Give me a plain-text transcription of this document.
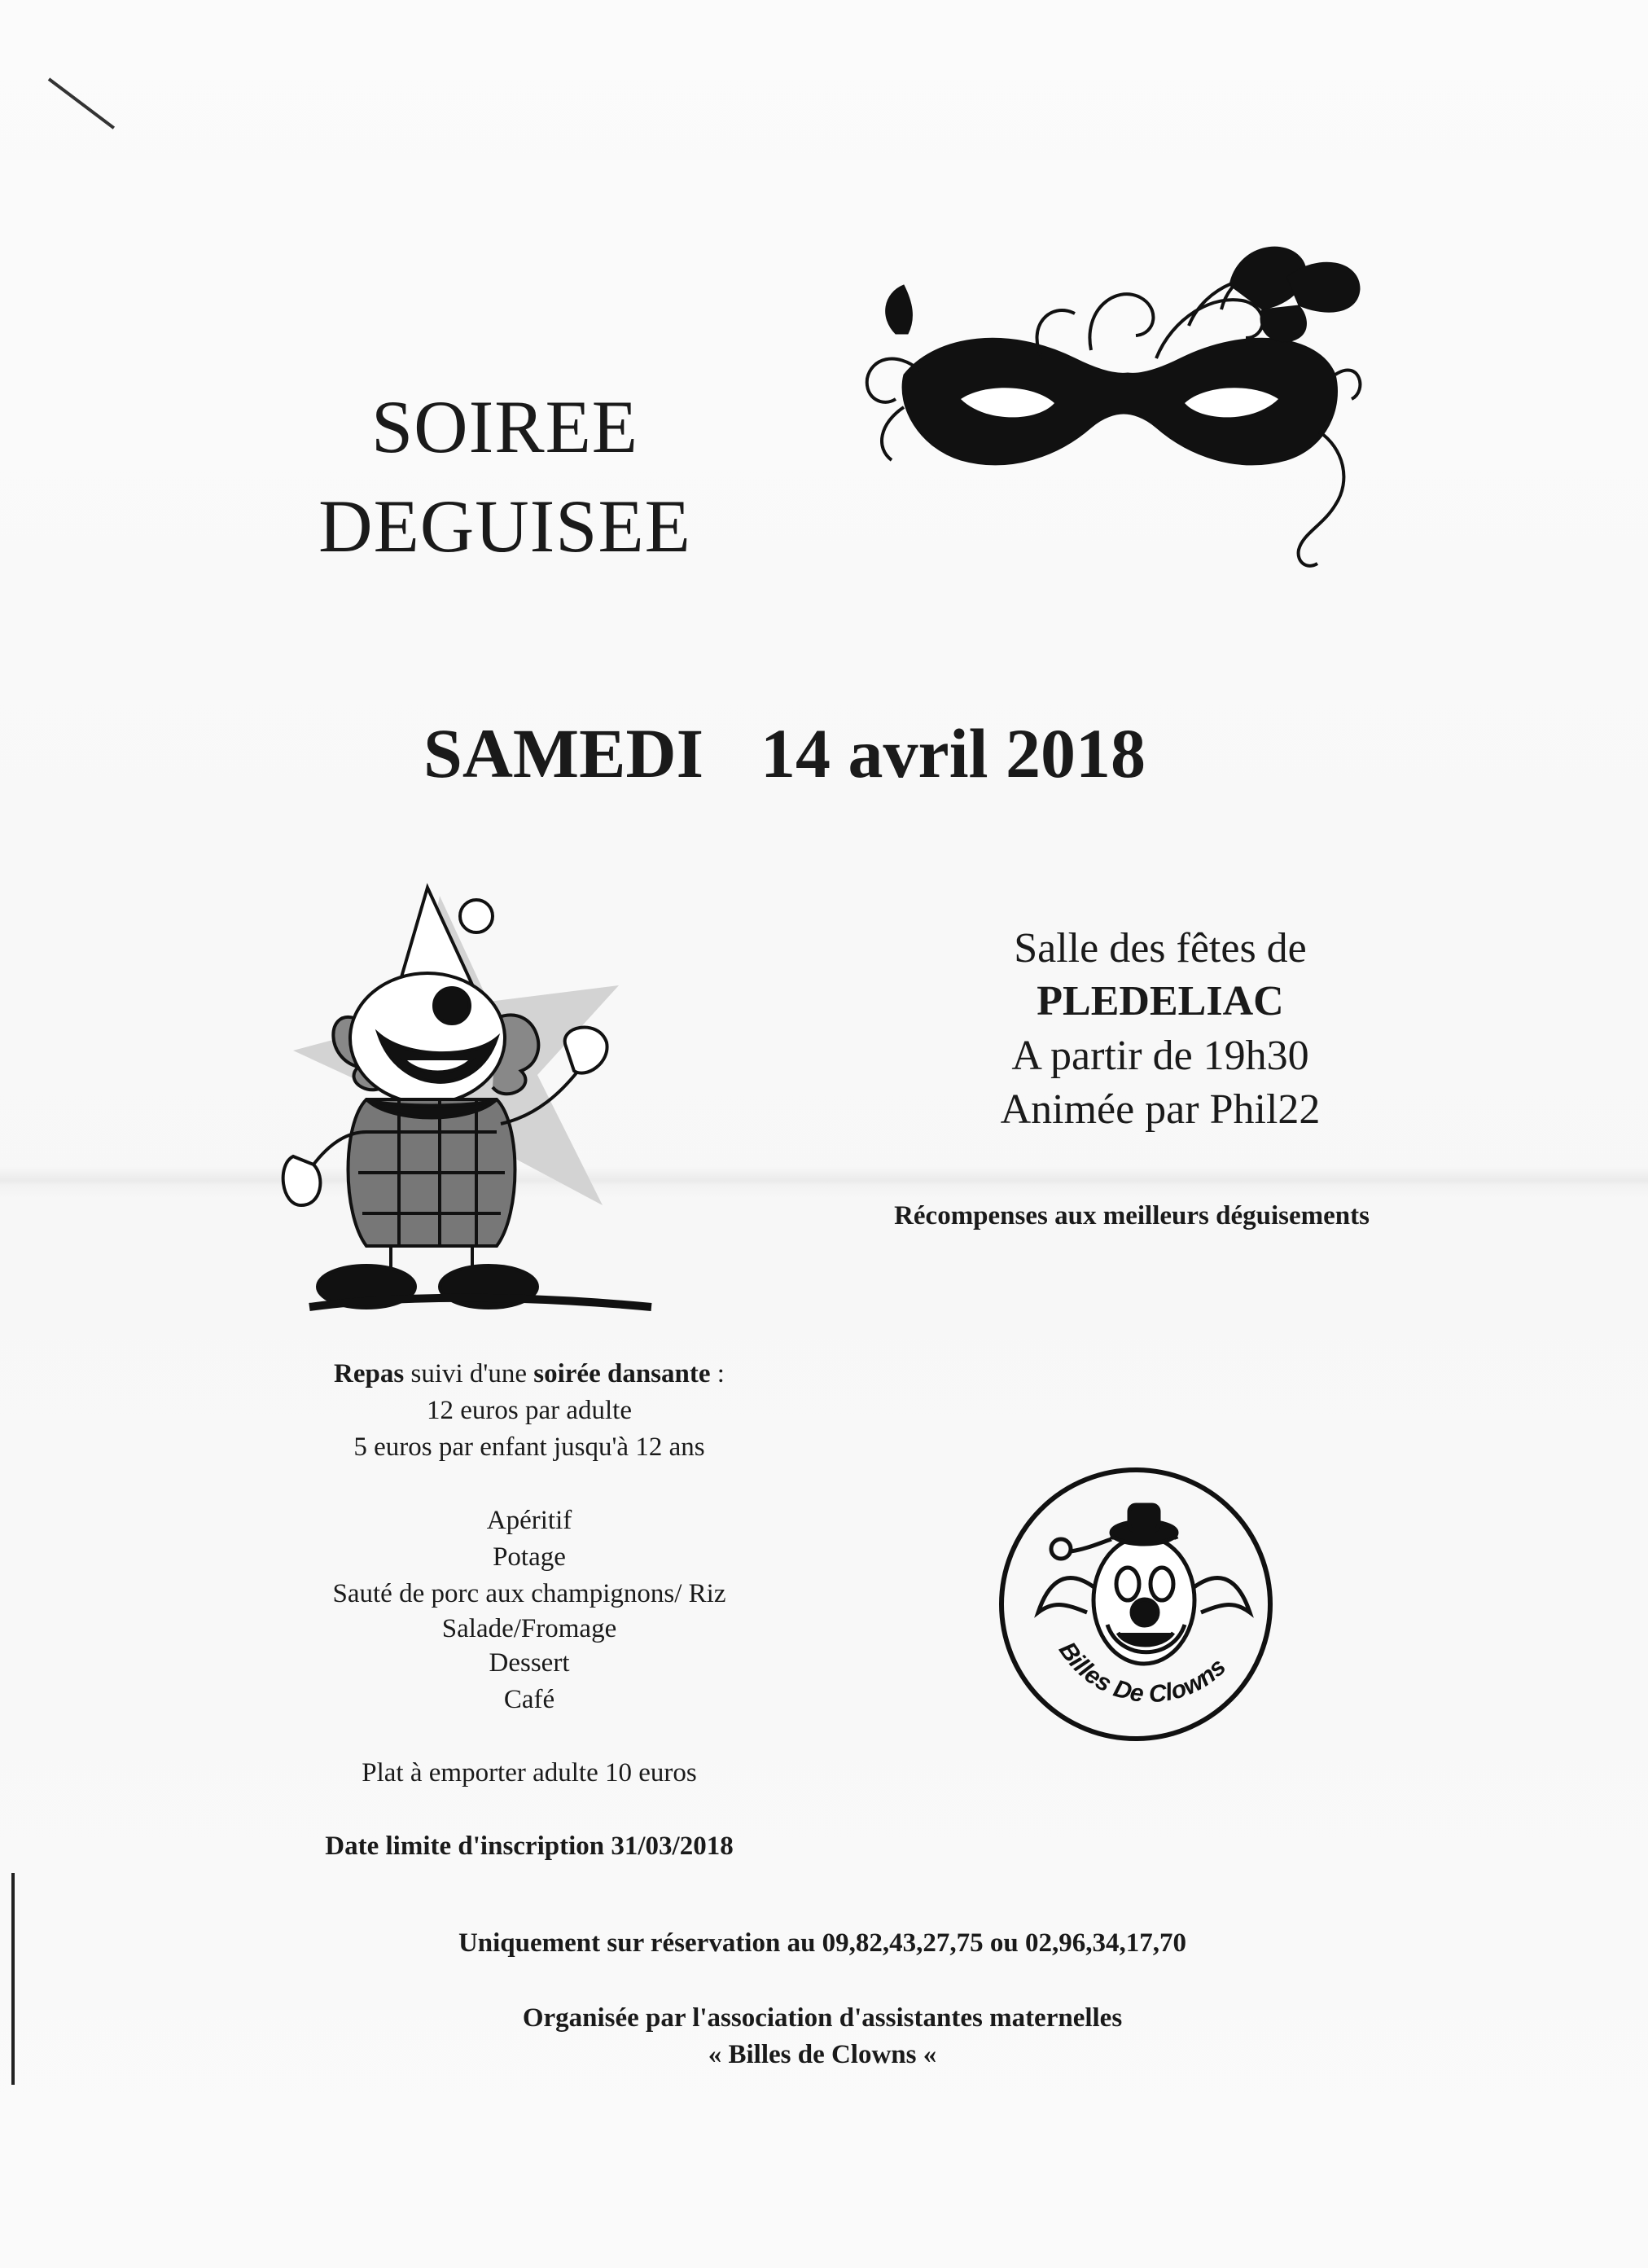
SOIREE
DEGUISEE
SAMEDI 14 avril 2018
Salle des fêtes de
PLEDELIAC
A partir de 19h30
Animée par Phil22
Récompenses aux meilleurs déguisements
Repas suivi d'une soirée dansante :
12 euros par adulte
5 euros par enfant jusqu'à 12 ans
Apéritif
Potage
Sauté de porc aux champignons/ Riz
Salade/Fromage
Dessert
Café
Plat à emporter adulte 10 euros
Date limite d'inscription 31/03/2018
Billes De Clowns
Uniquement sur réservation au 09,82,43,27,75 ou 02,96,34,17,70
Organisée par l'association d'assistantes maternelles
« Billes de Clowns «
